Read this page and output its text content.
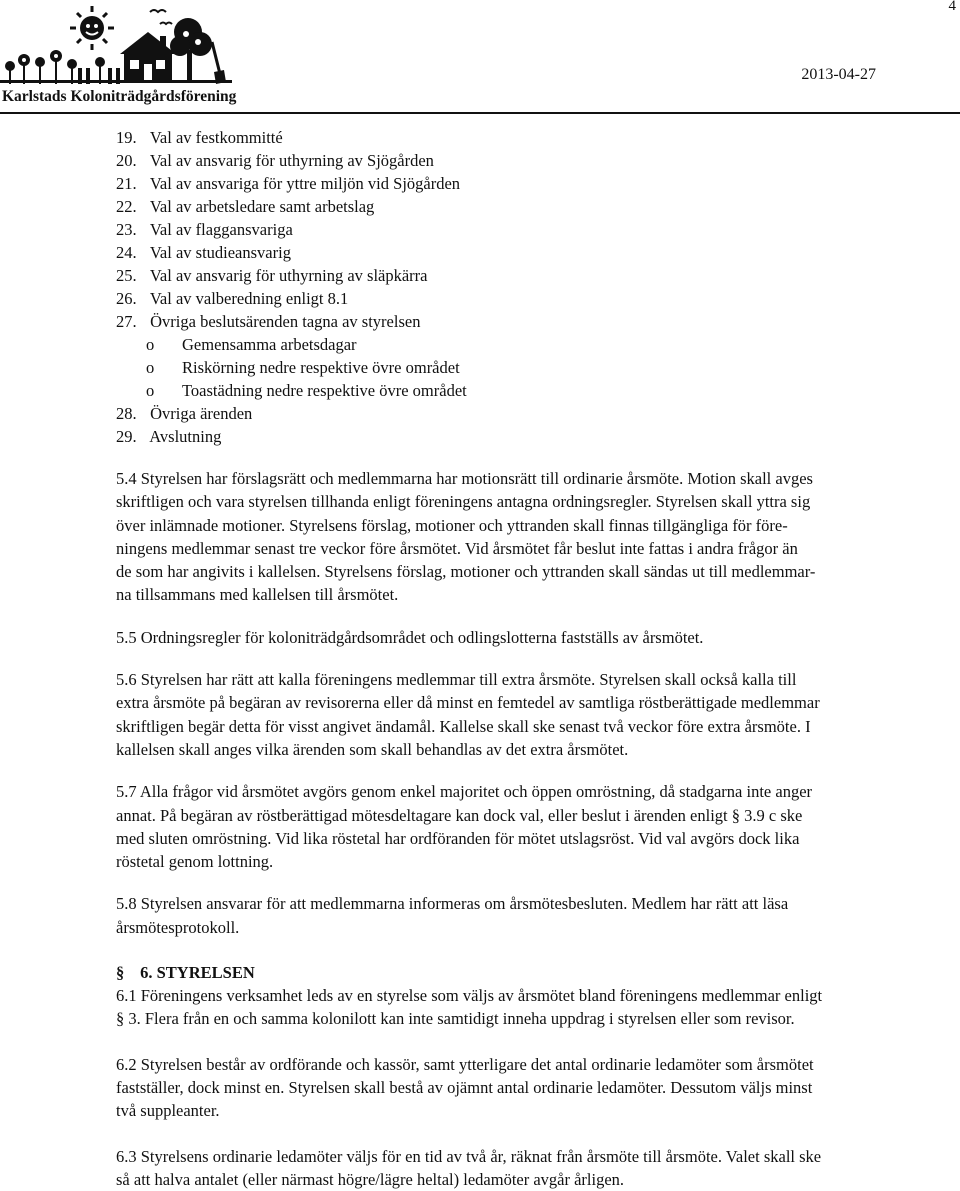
4
Karlstads Koloniträdgårdsförening
2013-04-27
19. Val av festkommitté
20. Val av ansvarig för uthyrning av Sjögården
21. Val av ansvariga för yttre miljön vid Sjögården
22. Val av arbetsledare samt arbetslag
23. Val av flaggansvariga
24. Val av studieansvarig
25. Val av ansvarig för uthyrning av släpkärra
26. Val av valberedning enligt 8.1
27. Övriga beslutsärenden tagna av styrelsen
o Gemensamma arbetsdagar
o Riskörning nedre respektive övre området
o Toastädning nedre respektive övre området
28. Övriga ärenden
29. Avslutning
5.4 Styrelsen har förslagsrätt och medlemmarna har motionsrätt till ordinarie årsmöte. Motion skall avges
skriftligen och vara styrelsen tillhanda enligt föreningens antagna ordningsregler. Styrelsen skall yttra sig
över inlämnade motioner. Styrelsens förslag, motioner och yttranden skall finnas tillgängliga för före-
ningens medlemmar senast tre veckor före årsmötet. Vid årsmötet får beslut inte fattas i andra frågor än
de som har angivits i kallelsen. Styrelsens förslag, motioner och yttranden skall sändas ut till medlemmar-
na tillsammans med kallelsen till årsmötet.
5.5 Ordningsregler för koloniträdgårdsområdet och odlingslotterna fastställs av årsmötet.
5.6 Styrelsen har rätt att kalla föreningens medlemmar till extra årsmöte. Styrelsen skall också kalla till
extra årsmöte på begäran av revisorerna eller då minst en femtedel av samtliga röstberättigade medlemmar
skriftligen begär detta för visst angivet ändamål. Kallelse skall ske senast två veckor före extra årsmöte. I
kallelsen skall anges vilka ärenden som skall behandlas av det extra årsmötet.
5.7 Alla frågor vid årsmötet avgörs genom enkel majoritet och öppen omröstning, då stadgarna inte anger
annat. På begäran av röstberättigad mötesdeltagare kan dock val, eller beslut i ärenden enligt § 3.9 c ske
med sluten omröstning. Vid lika röstetal har ordföranden för mötet utslagsröst. Vid val avgörs dock lika
röstetal genom lottning.
5.8 Styrelsen ansvarar för att medlemmarna informeras om årsmötesbesluten. Medlem har rätt att läsa
årsmötesprotokoll.
§ 6. STYRELSEN
6.1 Föreningens verksamhet leds av en styrelse som väljs av årsmötet bland föreningens medlemmar enligt
§ 3. Flera från en och samma kolonilott kan inte samtidigt inneha uppdrag i styrelsen eller som revisor.
6.2 Styrelsen består av ordförande och kassör, samt ytterligare det antal ordinarie ledamöter som årsmötet
fastställer, dock minst en. Styrelsen skall bestå av ojämnt antal ordinarie ledamöter. Dessutom väljs minst
två suppleanter.
6.3 Styrelsens ordinarie ledamöter väljs för en tid av två år, räknat från årsmöte till årsmöte. Valet skall ske
så att halva antalet (eller närmast högre/lägre heltal) ledamöter avgår årligen.
